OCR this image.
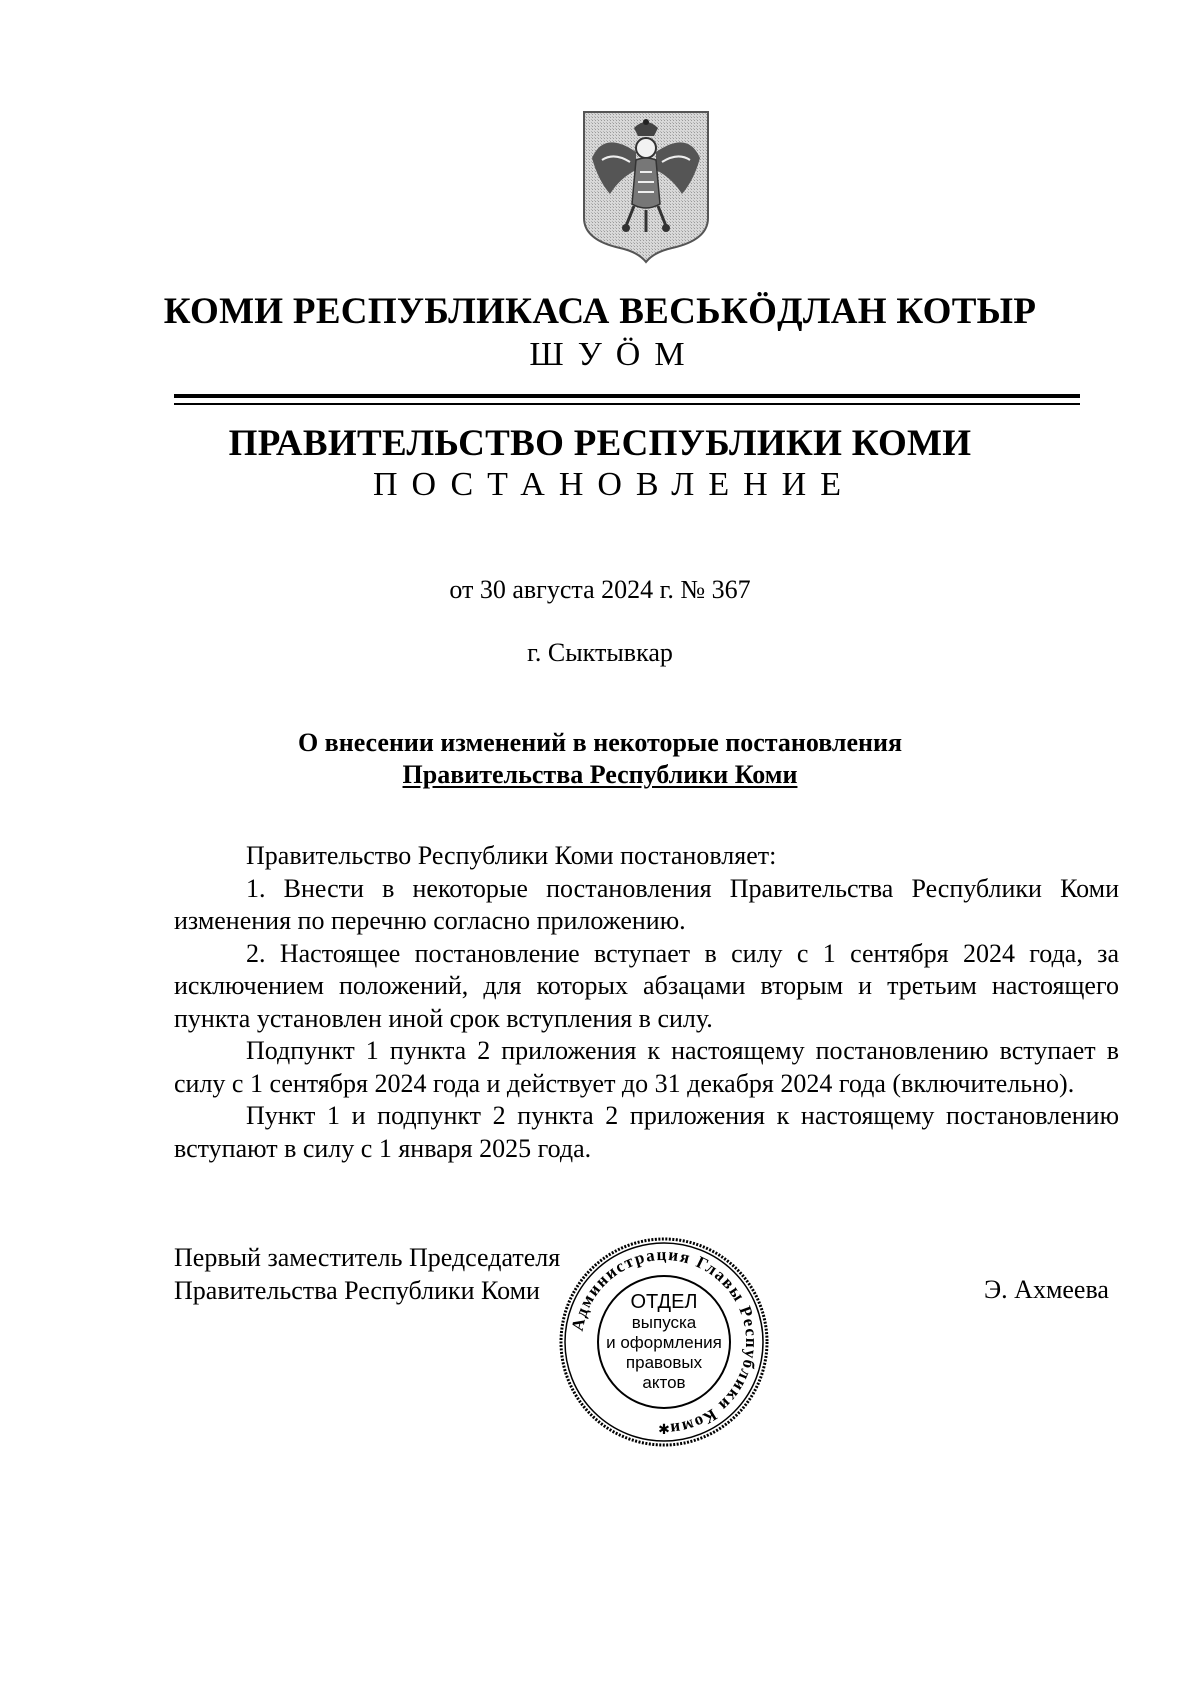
КОМИ РЕСПУБЛИКАСА ВЕСЬКӦДЛАН КОТЫР
ШУӦМ
ПРАВИТЕЛЬСТВО РЕСПУБЛИКИ КОМИ
ПОСТАНОВЛЕНИЕ
от 30 августа 2024 г. № 367
г. Сыктывкар
О внесении изменений в некоторые постановления
Правительства Республики Коми

Правительство Республики Коми постановляет:

1. Внести в некоторые постановления Правительства Республики Коми изменения по перечню согласно приложению.

2. Настоящее постановление вступает в силу с 1 сентября 2024 года, за исключением положений, для которых абзацами вторым и третьим настоящего пункта установлен иной срок вступления в силу.

Подпункт 1 пункта 2 приложения к настоящему постановлению вступает в силу с 1 сентября 2024 года и действует до 31 декабря 2024 года (включительно).

Пункт 1 и подпункт 2 пункта 2 приложения к настоящему постановлению вступают в силу с 1 января 2025 года.

Первый заместитель Председателя
Правительства Республики Коми	Э. Ахмеева
Администрация Главы Республики Коми
ОТДЕЛ
выпуска
и оформления
правовых
актов
✱
